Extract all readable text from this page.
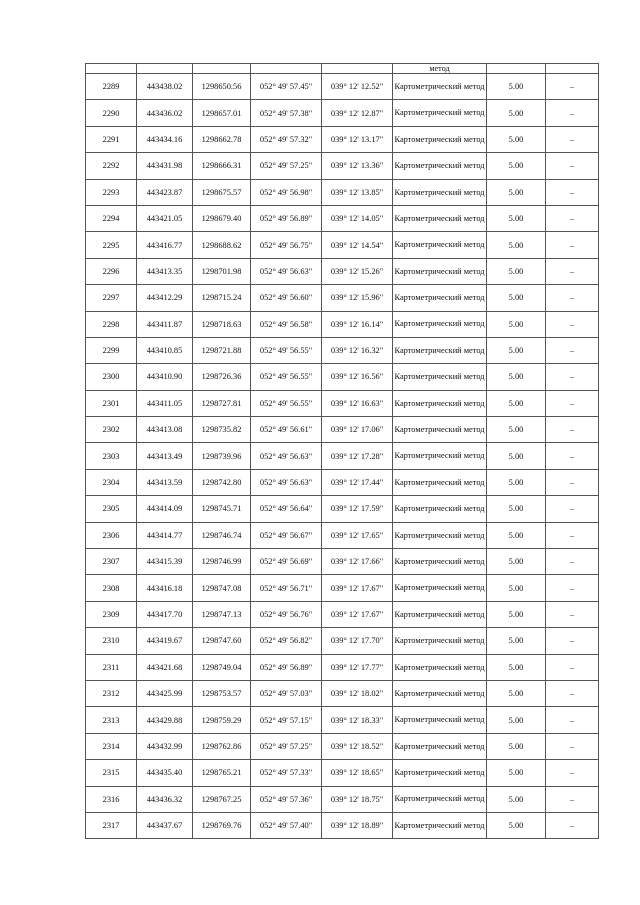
					метод		

2289	443438.02	1298650.56	052° 49' 57.45"	039° 12' 12.52"	Картометрический метод	5.00	–
2290	443436.02	1298657.01	052° 49' 57.38"	039° 12' 12.87"	Картометрический метод	5.00	–
2291	443434.16	1298662.78	052° 49' 57.32"	039° 12' 13.17"	Картометрический метод	5.00	–
2292	443431.98	1298666.31	052° 49' 57.25"	039° 12' 13.36"	Картометрический метод	5.00	–
2293	443423.87	1298675.57	052° 49' 56.98"	039° 12' 13.85"	Картометрический метод	5.00	–
2294	443421.05	1298679.40	052° 49' 56.89"	039° 12' 14.05"	Картометрический метод	5.00	–
2295	443416.77	1298688.62	052° 49' 56.75"	039° 12' 14.54"	Картометрический метод	5.00	–
2296	443413.35	1298701.98	052° 49' 56.63"	039° 12' 15.26"	Картометрический метод	5.00	–
2297	443412.29	1298715.24	052° 49' 56.60"	039° 12' 15.96"	Картометрический метод	5.00	–
2298	443411.87	1298718.63	052° 49' 56.58"	039° 12' 16.14"	Картометрический метод	5.00	–
2299	443410.85	1298721.88	052° 49' 56.55"	039° 12' 16.32"	Картометрический метод	5.00	–
2300	443410.90	1298726.36	052° 49' 56.55"	039° 12' 16.56"	Картометрический метод	5.00	–
2301	443411.05	1298727.81	052° 49' 56.55"	039° 12' 16.63"	Картометрический метод	5.00	–
2302	443413.08	1298735.82	052° 49' 56.61"	039° 12' 17.06"	Картометрический метод	5.00	–
2303	443413.49	1298739.96	052° 49' 56.63"	039° 12' 17.28"	Картометрический метод	5.00	–
2304	443413.59	1298742.80	052° 49' 56.63"	039° 12' 17.44"	Картометрический метод	5.00	–
2305	443414.09	1298745.71	052° 49' 56.64"	039° 12' 17.59"	Картометрический метод	5.00	–
2306	443414.77	1298746.74	052° 49' 56.67"	039° 12' 17.65"	Картометрический метод	5.00	–
2307	443415.39	1298746.99	052° 49' 56.69"	039° 12' 17.66"	Картометрический метод	5.00	–
2308	443416.18	1298747.08	052° 49' 56.71"	039° 12' 17.67"	Картометрический метод	5.00	–
2309	443417.70	1298747.13	052° 49' 56.76"	039° 12' 17.67"	Картометрический метод	5.00	–
2310	443419.67	1298747.60	052° 49' 56.82"	039° 12' 17.70"	Картометрический метод	5.00	–
2311	443421.68	1298749.04	052° 49' 56.89"	039° 12' 17.77"	Картометрический метод	5.00	–
2312	443425.99	1298753.57	052° 49' 57.03"	039° 12' 18.02"	Картометрический метод	5.00	–
2313	443429.88	1298759.29	052° 49' 57.15"	039° 12' 18.33"	Картометрический метод	5.00	–
2314	443432.99	1298762.86	052° 49' 57.25"	039° 12' 18.52"	Картометрический метод	5.00	–
2315	443435.40	1298765.21	052° 49' 57.33"	039° 12' 18.65"	Картометрический метод	5.00	–
2316	443436.32	1298767.25	052° 49' 57.36"	039° 12' 18.75"	Картометрический метод	5.00	–
2317	443437.67	1298769.76	052° 49' 57.40"	039° 12' 18.89"	Картометрический метод	5.00	–
